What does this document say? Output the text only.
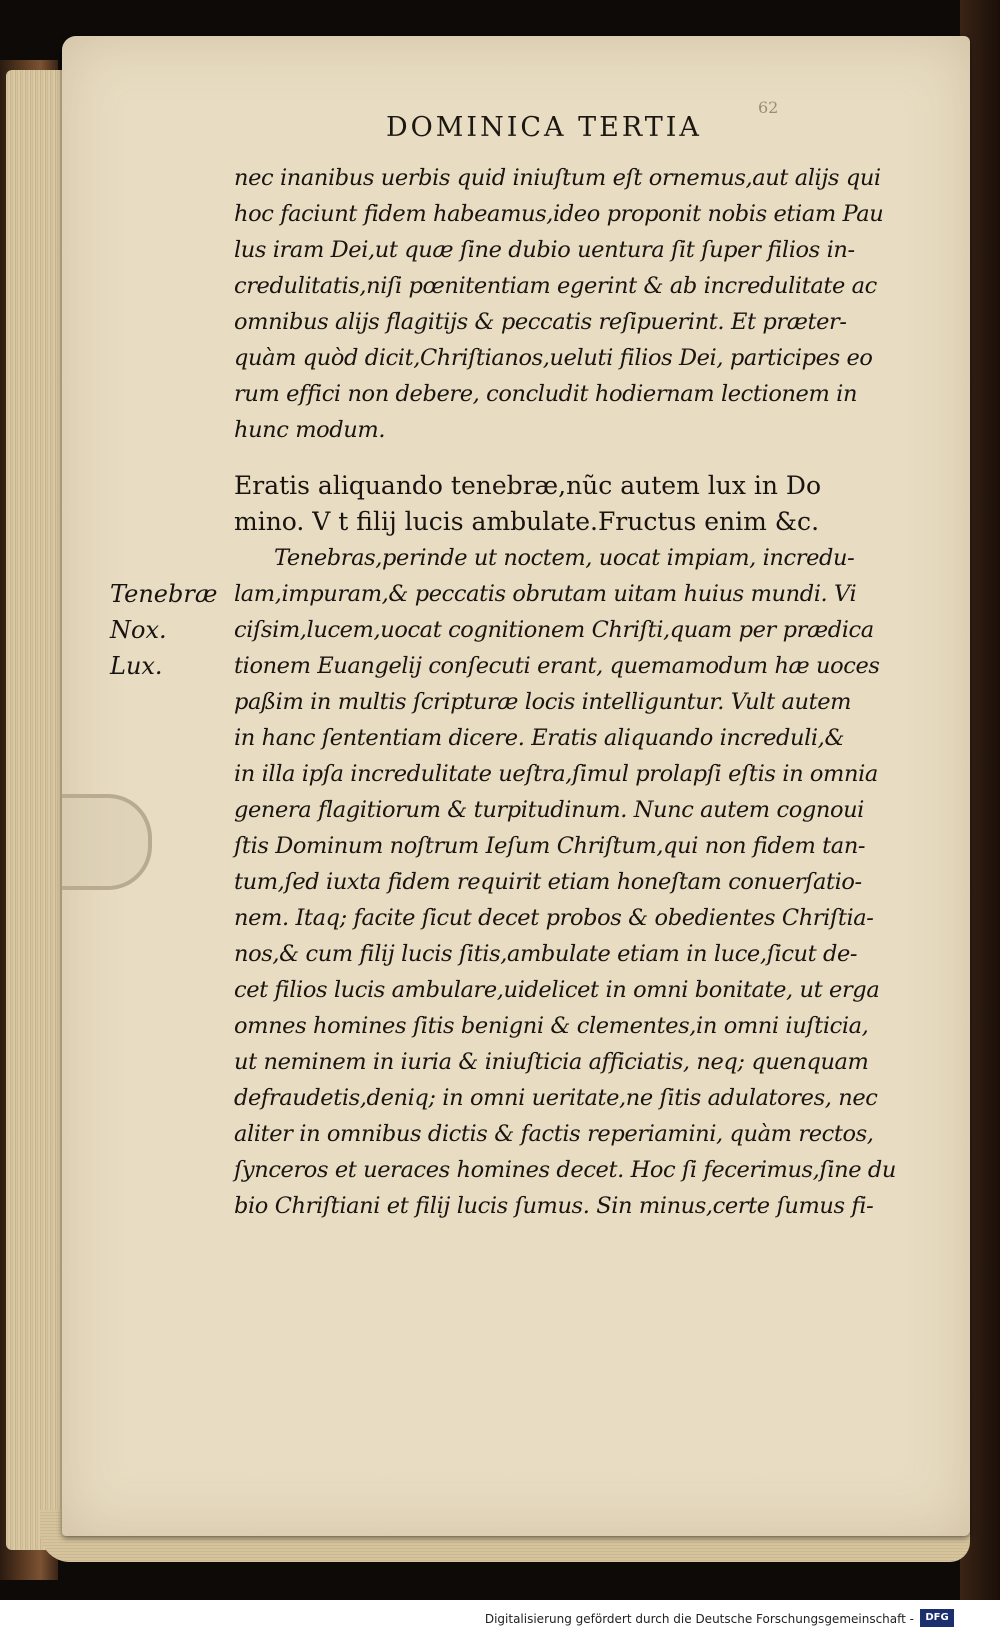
62
DOMINICA TERTIA
Tenebræ
Nox.
Lux.
nec inanibus uerbis quid iniuſtum eſt ornemus,aut alijs qui
hoc faciunt fidem habeamus,ideo proponit nobis etiam Pau
lus iram Dei,ut quæ ſine dubio uentura ſit ſuper filios in-
credulitatis,niſi pœnitentiam egerint & ab incredulitate ac
omnibus alijs flagitijs & peccatis reſipuerint. Et præter-
quàm quòd dicit,Chriſtianos,ueluti filios Dei, participes eo
rum effici non debere, concludit hodiernam lectionem in
hunc modum.
Eratis aliquando tenebræ,nũc autem lux in Do
mino. V t filij lucis ambulate.Fructus enim &c.
Tenebras,perinde ut noctem, uocat impiam, incredu-
lam,impuram,& peccatis obrutam uitam huius mundi. Vi
ciſsim,lucem,uocat cognitionem Chriſti,quam per prædica
tionem Euangelij conſecuti erant, quemamodum hæ uoces
paßim in multis ſcripturæ locis intelliguntur. Vult autem
in hanc ſententiam dicere. Eratis aliquando increduli,&
in illa ipſa incredulitate ueſtra,ſimul prolapſi eſtis in omnia
genera flagitiorum & turpitudinum. Nunc autem cognoui
ſtis Dominum noſtrum Ieſum Chriſtum,qui non fidem tan-
tum,ſed iuxta fidem requirit etiam honeſtam conuerſatio-
nem. Itaq; facite ſicut decet probos & obedientes Chriſtia-
nos,& cum filij lucis ſitis,ambulate etiam in luce,ſicut de-
cet filios lucis ambulare,uidelicet in omni bonitate, ut erga
omnes homines ſitis benigni & clementes,in omni iuſticia,
ut neminem in iuria & iniuſticia afficiatis, neq; quenquam
defraudetis,deniq; in omni ueritate,ne ſitis adulatores, nec
aliter in omnibus dictis & factis reperiamini, quàm rectos,
ſynceros et ueraces homines decet. Hoc ſi fecerimus,ſine du
bio Chriſtiani et filij lucis ſumus. Sin minus,certe ſumus fi-
Digitalisierung gefördert durch die Deutsche Forschungsgemeinschaft -	DFG
